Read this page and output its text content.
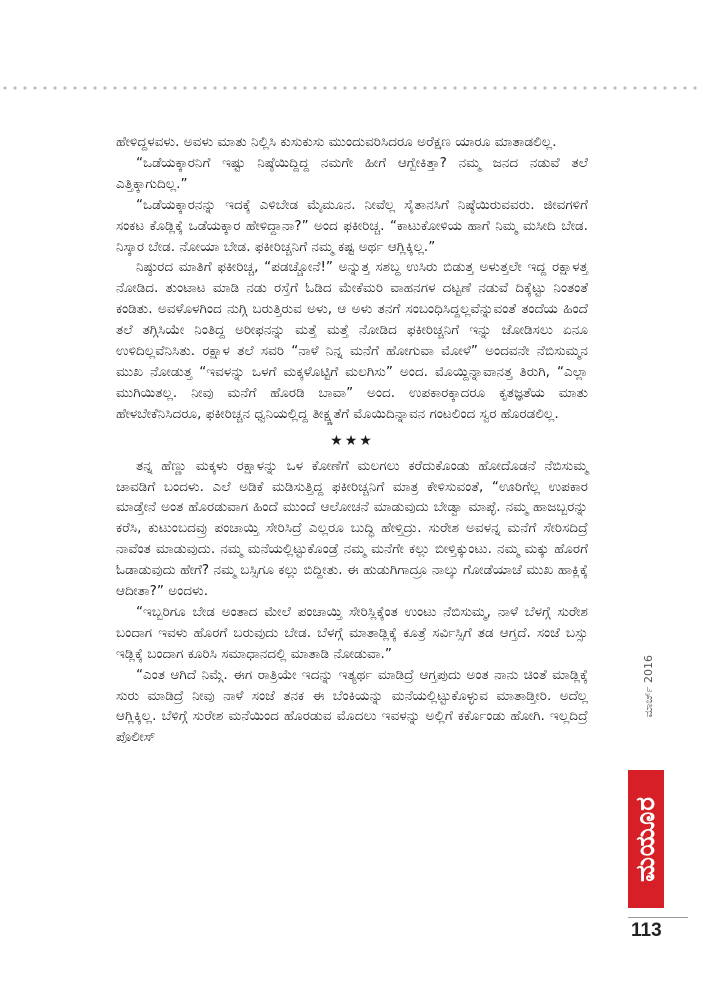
ಹೇಳಿದ್ದಳವಳು. ಅವಳು ಮಾತು ನಿಲ್ಲಿಸಿ ಕುಸುಕುಸು ಮುಂದುವರಿಸಿದರೂ ಅರೆಕ್ಷಣ ಯಾರೂ ಮಾತಾಡಲಿಲ್ಲ.

“ಒಡೆಯಕ್ಕಾರನಿಗೆ ಇಷ್ಟು ನಿಷ್ಠೆಯಿದ್ದಿದ್ದ ನಮಗೇ ಹೀಗೆ ಆಗ್ಬೇಕಿತ್ತಾ? ನಮ್ಮ ಜನದ ನಡುವೆ ತಲೆ ಎತ್ತಿಕ್ಕಾಗುದಿಲ್ಲ.”

“ಒಡೆಯಕ್ಕಾರನನ್ನು ಇದಕ್ಕೆ ಎಳಿಬೇಡ ಮೈಮೂನ. ನೀವೆಲ್ಲ ಸೈತಾನಸಿಗೆ ನಿಷ್ಠೆಯಿರುವವರು. ಜೀವಗಳಿಗೆ ಸಂಕಟ ಕೊಡ್ಲಿಕ್ಕೆ ಒಡೆಯಕ್ಕಾರ ಹೇಳಿದ್ದಾನಾ?” ಅಂದ ಫಕೀರಿಚ್ಚ. “ಕಾಟುಕೋಳಿಯ ಹಾಗೆ ನಿಮ್ಮ ಮಸೀದಿ ಬೇಡ. ನಿಸ್ಕಾರ ಬೇಡ. ನೋಯಾ ಬೇಡ. ಫಕೀರಿಚ್ಚನಿಗೆ ನಮ್ಮ ಕಷ್ಟ ಅರ್ಥ ಆಗ್ಲಿಕ್ಕಿಲ್ಲ.”

ನಿಷ್ಠುರದ ಮಾತಿಗೆ ಫಕೀರಿಚ್ಚ, “ಪಡಚ್ಚೋನೆ!” ಅನ್ನುತ್ತ ಸಶಬ್ದ ಉಸಿರು ಬಿಡುತ್ತ ಅಳುತ್ತಲೇ ಇದ್ದ ರಕ್ಷಾಳತ್ತ ನೋಡಿದ. ತುಂಟಾಟ ಮಾಡಿ ನಡು ರಸ್ತೆಗೆ ಓಡಿದ ಮೇಕೆಮರಿ ವಾಹನಗಳ ದಟ್ಟಣೆ ನಡುವೆ ದಿಕ್ಕೆಟ್ಟು ನಿಂತಂತೆ ಕಂಡಿತು. ಅವಳೊಳಗಿಂದ ನುಗ್ಗಿ ಬರುತ್ತಿರುವ ಅಳು, ಆ ಅಳು ತನಗೆ ಸಂಬಂಧಿಸಿದ್ದಲ್ಲವೆನ್ನುವಂತೆ ತಂದೆಯ ಹಿಂದೆ ತಲೆ ತಗ್ಗಿಸಿಯೇ ನಿಂತಿದ್ದ ಅರೀಫನನ್ನು ಮತ್ತೆ ಮತ್ತೆ ನೋಡಿದ ಫಕೀರಿಚ್ಚನಿಗೆ ಇನ್ನು ಜೋಡಿಸಲು ಏನೂ ಉಳಿದಿಲ್ಲವೆನಿಸಿತು. ರಕ್ಷಾಳ ತಲೆ ಸವರಿ “ನಾಳೆ ನಿನ್ನ ಮನೆಗೆ ಹೋಗುವಾ ಮೋಳೆ” ಅಂದವನೇ ನೆಬಿಸುಮ್ಮನ ಮುಖ ನೋಡುತ್ತ “ಇವಳನ್ನು ಒಳಗೆ ಮಕ್ಕಳೊಟ್ಟಿಗೆ ಮಲಗಿಸು” ಅಂದ. ಮೊಯ್ದಿನ್ನಾವಾನತ್ತ ತಿರುಗಿ, “ಎಲ್ಲಾ ಮುಗಿಯಿತಲ್ಲ. ನೀವು ಮನೆಗೆ ಹೊರಡಿ ಬಾವಾ” ಅಂದ. ಉಪಕಾರಕ್ಕಾದರೂ ಕೃತಜ್ಞತೆಯ ಮಾತು ಹೇಳಬೇಕೆನಿಸಿದರೂ, ಫಕೀರಿಚ್ಚನ ಧ್ವನಿಯಲ್ಲಿದ್ದ ತೀಕ್ಷ್ಣತೆಗೆ ಮೊಯಿದಿನ್ನಾವನ ಗಂಟಲಿಂದ ಸ್ವರ ಹೊರಡಲಿಲ್ಲ.

★★★

ತನ್ನ ಹೆಣ್ಣು ಮಕ್ಕಳು ರಕ್ಷಾಳನ್ನು ಒಳ ಕೋಣೆಗೆ ಮಲಗಲು ಕರೆದುಕೊಂಡು ಹೋದೊಡನೆ ನೆಬಿಸುಮ್ಮ ಚಾವಡಿಗೆ ಬಂದಳು. ಎಲೆ ಅಡಿಕೆ ಮಡಿಸುತ್ತಿದ್ದ ಫಕೀರಿಚ್ಚನಿಗೆ ಮಾತ್ರ ಕೇಳಿಸುವಂತೆ, “ಊರಿಗೆಲ್ಲ ಉಪಕಾರ ಮಾಡ್ತೇನೆ ಅಂತ ಹೊರಡುವಾಗ ಹಿಂದೆ ಮುಂದೆ ಆಲೋಚನೆ ಮಾಡುವುದು ಬೇಡ್ವಾ ಮಾಪ್ಳೆ. ನಮ್ಮ ಹಾಜಬ್ಬರನ್ನು ಕರೆಸಿ, ಕುಟುಂಬದವ್ರು ಪಂಚಾಯ್ತಿ ಸೇರಿಸಿದ್ರೆ ಎಲ್ಲರೂ ಬುದ್ಧಿ ಹೇಳ್ತಿದ್ರು. ಸುರೇಶ ಅವಳನ್ನ ಮನೆಗೆ ಸೇರಿಸದಿದ್ರೆ ನಾವೆಂತ ಮಾಡುವುದು. ನಮ್ಮ ಮನೆಯಲ್ಲಿಟ್ಟುಕೊಂಡ್ರೆ ನಮ್ಮ ಮನೆಗೇ ಕಲ್ಲು ಬೀಳ್ತಿಕ್ಕುಂಟು. ನಮ್ಮ ಮಕ್ಕು ಹೊರಗೆ ಓಡಾಡುವುದು ಹೇಗೆ? ನಮ್ಮ ಬಸ್ಸಿಗೂ ಕಲ್ಲು ಬಿದ್ದೀತು. ಈ ಹುಡುಗಿಗಾದ್ರೂ ನಾಲ್ಕು ಗೋಡೆಯಾಚೆ ಮುಖ ಹಾಕ್ಲಿಕ್ಕೆ ಆದೀತಾ?” ಅಂದಳು.

“ಇಬ್ಬರಿಗೂ ಬೇಡ ಅಂತಾದ ಮೇಲೆ ಪಂಚಾಯ್ತಿ ಸೇರಿಸ್ಲಿಕ್ಕೆಂತ ಉಂಟು ನೆಬಿಸುಮ್ಮ, ನಾಳೆ ಬೆಳಗ್ಗೆ ಸುರೇಶ ಬಂದಾಗ ಇವಳು ಹೊರಗೆ ಬರುವುದು ಬೇಡ. ಬೆಳಗ್ಗೆ ಮಾತಾಡ್ಲಿಕ್ಕೆ ಕೂತ್ರೆ ಸರ್ವಿಸ್ಸಿಗೆ ತಡ ಆಗ್ತದೆ. ಸಂಜೆ ಬಸ್ಸು ಇಡ್ಲಿಕ್ಕೆ ಬಂದಾಗ ಕೂರಿಸಿ ಸಮಾಧಾನದಲ್ಲಿ ಮಾತಾಡಿ ನೋಡುವಾ.”

“ಎಂತ ಆಗಿದೆ ನಿಮ್ಗೆ. ಈಗ ರಾತ್ರಿಯೇ ಇದನ್ನು ಇತ್ಯರ್ಥ ಮಾಡಿದ್ರೆ ಆಗ್ತಪುದು ಅಂತ ನಾನು ಚಿಂತೆ ಮಾಡ್ಲಿಕ್ಕೆ ಸುರು ಮಾಡಿದ್ರೆ ನೀವು ನಾಳೆ ಸಂಜೆ ತನಕ ಈ ಬೆಂಕಿಯನ್ನು ಮನೆಯಲ್ಲಿಟ್ಟುಕೊಳ್ಳುವ ಮಾತಾಡ್ತೀರಿ. ಅದೆಲ್ಲ ಆಗ್ಲಿಕ್ಕಿಲ್ಲ. ಬೆಳಿಗ್ಗೆ ಸುರೇಶ ಮನೆಯಿಂದ ಹೊರಡುವ ಮೊದಲು ಇವಳನ್ನು ಅಲ್ಲಿಗೆ ಕರ್ಕೊಂಡು ಹೋಗಿ. ಇಲ್ಲದಿದ್ರೆ ಪೊಲೀಸ್

ಮಾರ್ಚ್ 2016
ಮಯೂರ
113
